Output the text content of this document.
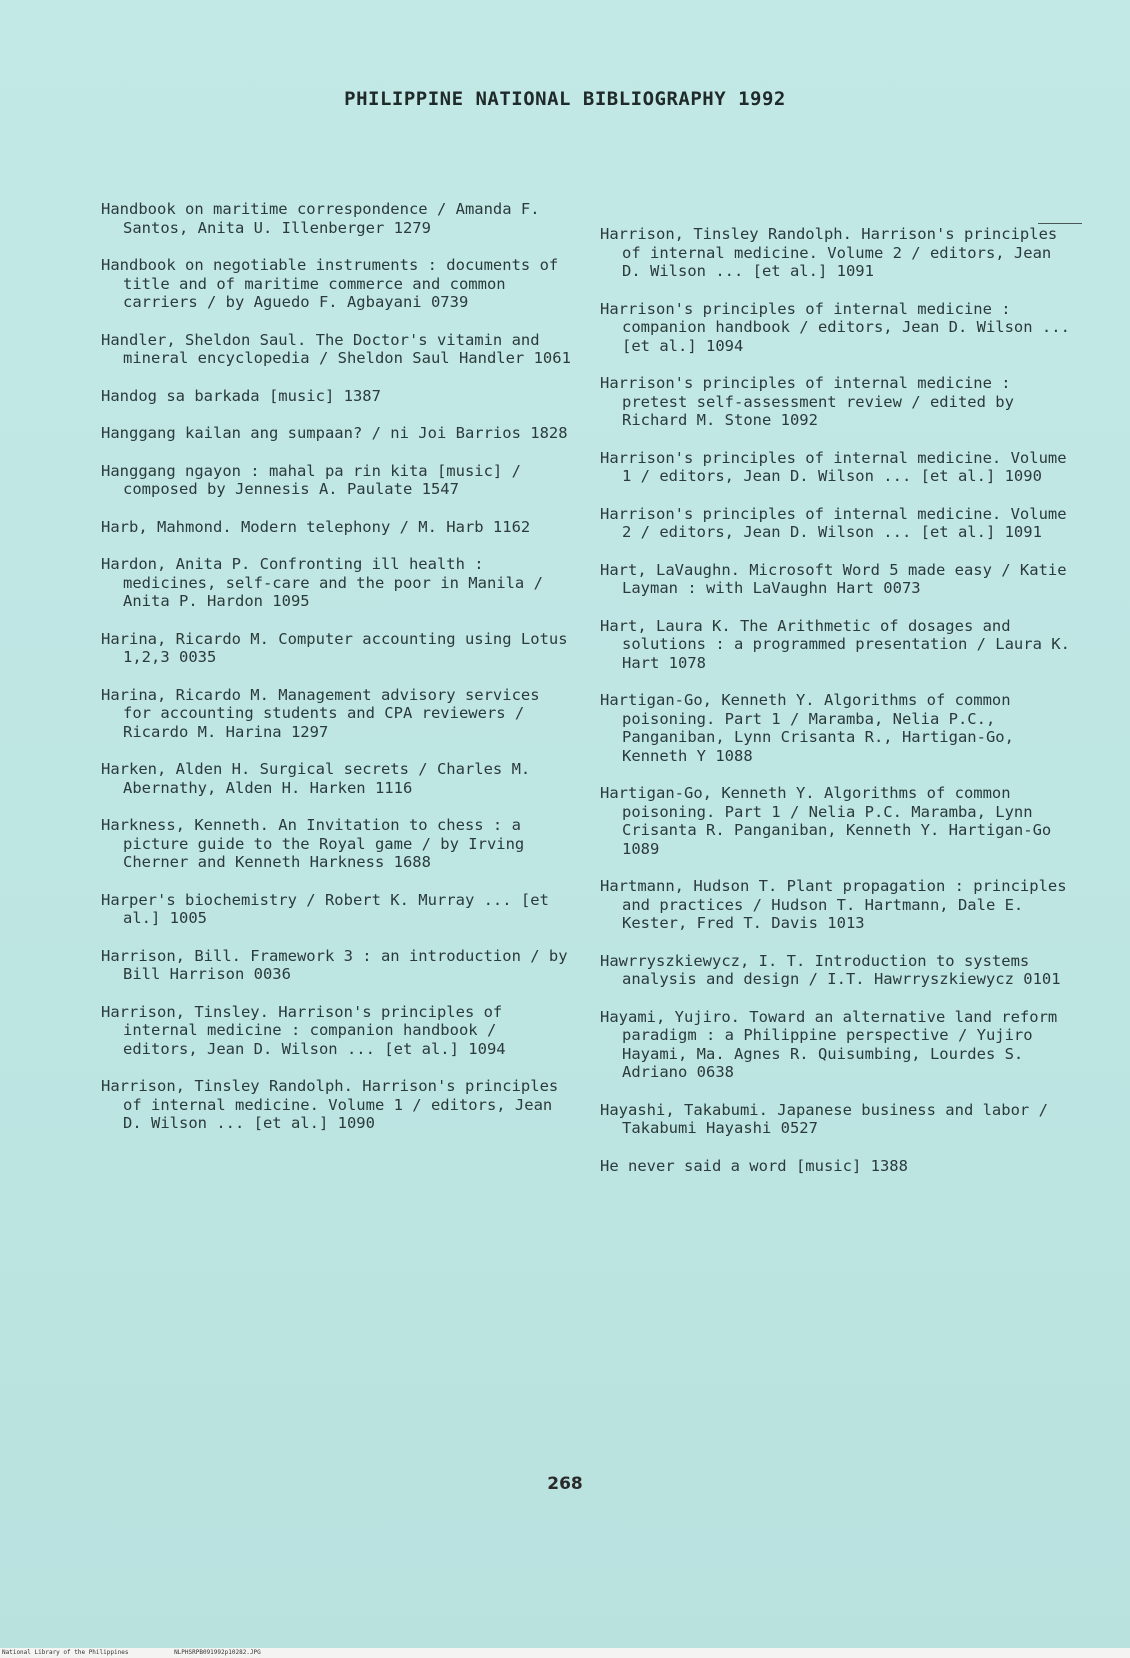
PHILIPPINE NATIONAL BIBLIOGRAPHY 1992

Handbook on maritime correspondence / Amanda F. Santos, Anita U. Illenberger 1279

Handbook on negotiable instruments : documents of title and of maritime commerce and common carriers / by Aguedo F. Agbayani 0739

Handler, Sheldon Saul. The Doctor's vitamin and mineral encyclopedia / Sheldon Saul Handler 1061

Handog sa barkada [music] 1387

Hanggang kailan ang sumpaan? / ni Joi Barrios 1828

Hanggang ngayon : mahal pa rin kita [music] / composed by Jennesis A. Paulate 1547

Harb, Mahmond. Modern telephony / M. Harb 1162

Hardon, Anita P. Confronting ill health : medicines, self-care and the poor in Manila / Anita P. Hardon 1095

Harina, Ricardo M. Computer accounting using Lotus 1,2,3 0035

Harina, Ricardo M. Management advisory services for accounting students and CPA reviewers / Ricardo M. Harina 1297

Harken, Alden H. Surgical secrets / Charles M. Abernathy, Alden H. Harken 1116

Harkness, Kenneth. An Invitation to chess : a picture guide to the Royal game / by Irving Cherner and Kenneth Harkness 1688

Harper's biochemistry / Robert K. Murray ... [et al.] 1005

Harrison, Bill. Framework 3 : an introduction / by Bill Harrison 0036

Harrison, Tinsley. Harrison's principles of internal medicine : companion handbook / editors, Jean D. Wilson ... [et al.] 1094

Harrison, Tinsley Randolph. Harrison's principles of internal medicine. Volume 1 / editors, Jean D. Wilson ... [et al.] 1090

Harrison, Tinsley Randolph. Harrison's principles of internal medicine. Volume 2 / editors, Jean D. Wilson ... [et al.] 1091

Harrison's principles of internal medicine : companion handbook / editors, Jean D. Wilson ... [et al.] 1094

Harrison's principles of internal medicine : pretest self-assessment review / edited by Richard M. Stone 1092

Harrison's principles of internal medicine. Volume 1 / editors, Jean D. Wilson ... [et al.] 1090

Harrison's principles of internal medicine. Volume 2 / editors, Jean D. Wilson ... [et al.] 1091

Hart, LaVaughn. Microsoft Word 5 made easy / Katie Layman : with LaVaughn Hart 0073

Hart, Laura K. The Arithmetic of dosages and solutions : a programmed presentation / Laura K. Hart 1078

Hartigan-Go, Kenneth Y. Algorithms of common poisoning. Part 1 / Maramba, Nelia P.C., Panganiban, Lynn Crisanta R., Hartigan-Go, Kenneth Y 1088

Hartigan-Go, Kenneth Y. Algorithms of common poisoning. Part 1 / Nelia P.C. Maramba, Lynn Crisanta R. Panganiban, Kenneth Y. Hartigan-Go 1089

Hartmann, Hudson T. Plant propagation : principles and practices / Hudson T. Hartmann, Dale E. Kester, Fred T. Davis 1013

Hawrryszkiewycz, I. T. Introduction to systems analysis and design / I.T. Hawrryszkiewycz 0101

Hayami, Yujiro. Toward an alternative land reform paradigm : a Philippine perspective / Yujiro Hayami, Ma. Agnes R. Quisumbing, Lourdes S. Adriano 0638

Hayashi, Takabumi. Japanese business and labor / Takabumi Hayashi 0527

He never said a word [music] 1388

268
National Library of the Philippines	NLPHSRPB091992p10282.JPG
